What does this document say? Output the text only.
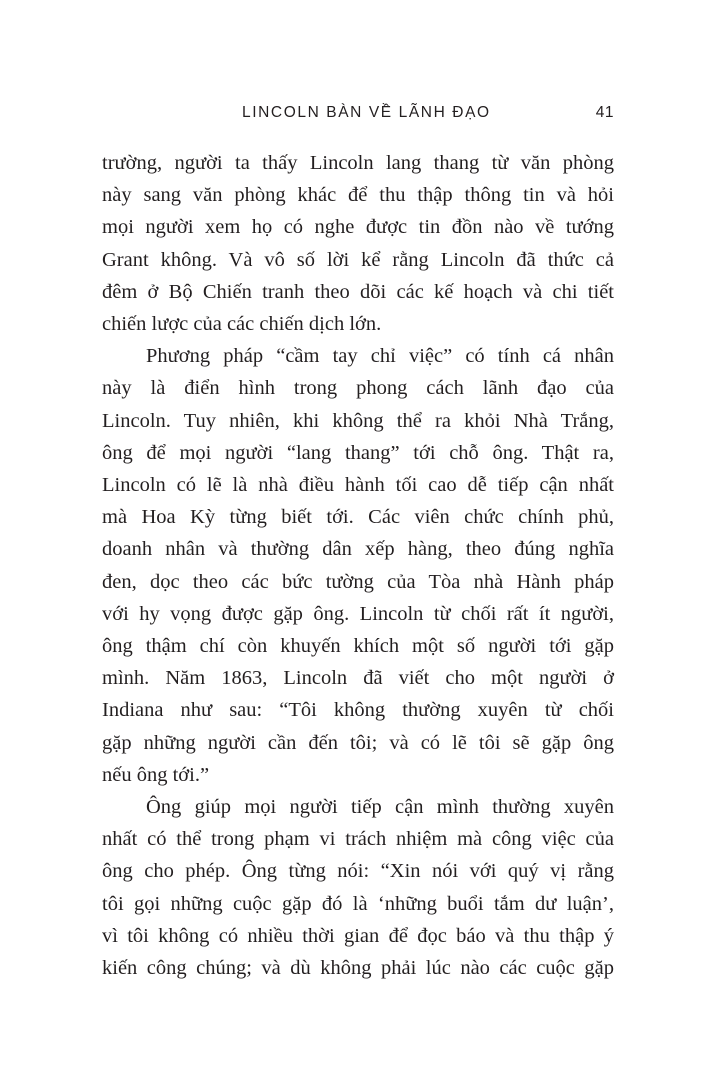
LINCOLN BÀN VỀ LÃNH ĐẠO	41

trường, người ta thấy Lincoln lang thang từ văn phòng
này sang văn phòng khác để thu thập thông tin và hỏi
mọi người xem họ có nghe được tin đồn nào về tướng
Grant không. Và vô số lời kể rằng Lincoln đã thức cả
đêm ở Bộ Chiến tranh theo dõi các kế hoạch và chi tiết
chiến lược của các chiến dịch lớn.

Phương pháp “cầm tay chỉ việc” có tính cá nhân
này là điển hình trong phong cách lãnh đạo của
Lincoln. Tuy nhiên, khi không thể ra khỏi Nhà Trắng,
ông để mọi người “lang thang” tới chỗ ông. Thật ra,
Lincoln có lẽ là nhà điều hành tối cao dễ tiếp cận nhất
mà Hoa Kỳ từng biết tới. Các viên chức chính phủ,
doanh nhân và thường dân xếp hàng, theo đúng nghĩa
đen, dọc theo các bức tường của Tòa nhà Hành pháp
với hy vọng được gặp ông. Lincoln từ chối rất ít người,
ông thậm chí còn khuyến khích một số người tới gặp
mình. Năm 1863, Lincoln đã viết cho một người ở
Indiana như sau: “Tôi không thường xuyên từ chối
gặp những người cần đến tôi; và có lẽ tôi sẽ gặp ông
nếu ông tới.”

Ông giúp mọi người tiếp cận mình thường xuyên
nhất có thể trong phạm vi trách nhiệm mà công việc của
ông cho phép. Ông từng nói: “Xin nói với quý vị rằng
tôi gọi những cuộc gặp đó là ‘những buổi tắm dư luận’,
vì tôi không có nhiều thời gian để đọc báo và thu thập ý
kiến công chúng; và dù không phải lúc nào các cuộc gặp
